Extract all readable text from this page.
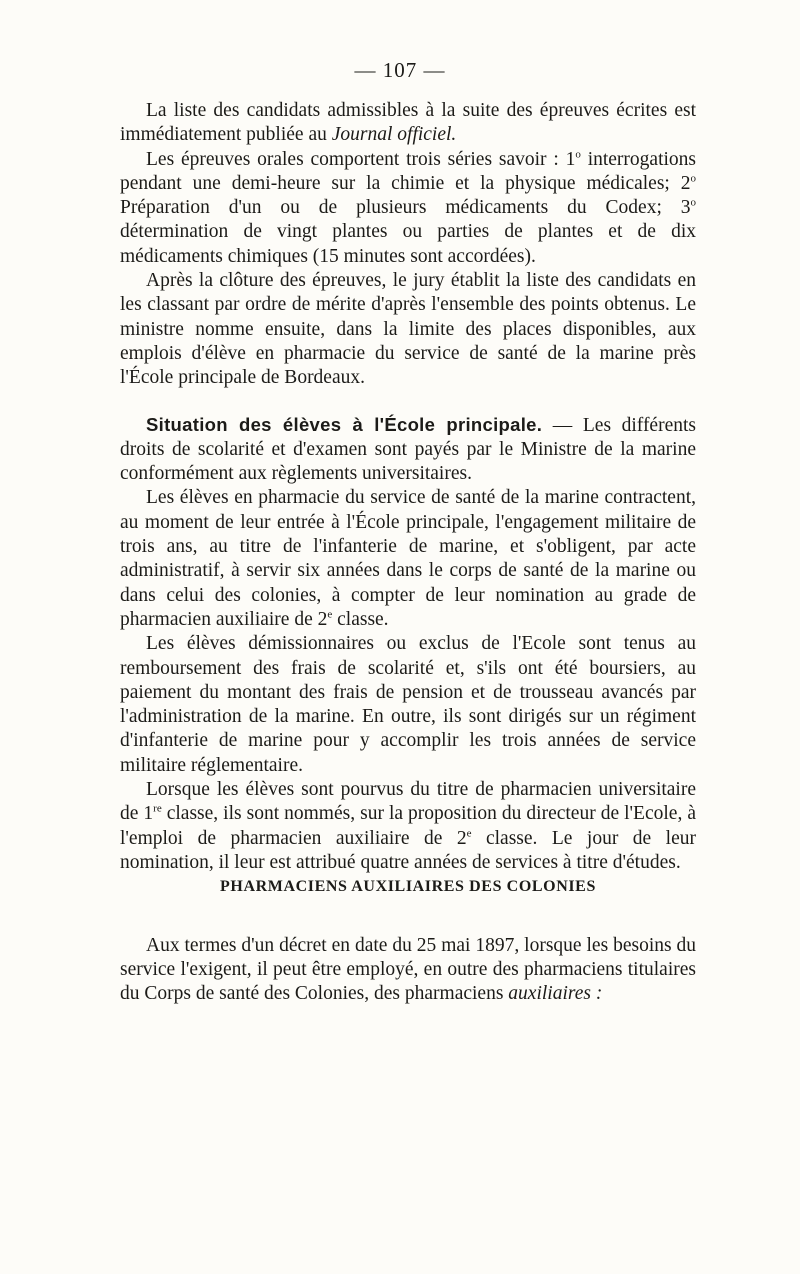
— 107 —

La liste des candidats admissibles à la suite des épreuves écrites est immédiatement publiée au Journal officiel.

Les épreuves orales comportent trois séries savoir : 1$^o$ interrogations pendant une demi-heure sur la chimie et la physique médicales; 2$^o$ Préparation d'un ou de plusieurs médicaments du Codex; 3$^o$ détermination de vingt plantes ou parties de plantes et de dix médicaments chimiques (15 minutes sont accordées).

Après la clôture des épreuves, le jury établit la liste des candidats en les classant par ordre de mérite d'après l'ensemble des points obtenus. Le ministre nomme ensuite, dans la limite des places disponibles, aux emplois d'élève en pharmacie du service de santé de la marine près l'École principale de Bordeaux.

Situation des élèves à l'École principale. — Les différents droits de scolarité et d'examen sont payés par le Ministre de la marine conformément aux règlements universitaires.

Les élèves en pharmacie du service de santé de la marine contractent, au moment de leur entrée à l'École principale, l'engagement militaire de trois ans, au titre de l'infanterie de marine, et s'obligent, par acte administratif, à servir six années dans le corps de santé de la marine ou dans celui des colonies, à compter de leur nomination au grade de pharmacien auxiliaire de 2e classe.

Les élèves démissionnaires ou exclus de l'Ecole sont tenus au remboursement des frais de scolarité et, s'ils ont été boursiers, au paiement du montant des frais de pension et de trousseau avancés par l'administration de la marine. En outre, ils sont dirigés sur un régiment d'infanterie de marine pour y accomplir les trois années de service militaire réglementaire.

Lorsque les élèves sont pourvus du titre de pharmacien universitaire de 1re classe, ils sont nommés, sur la proposition du directeur de l'Ecole, à l'emploi de pharmacien auxiliaire de 2e classe. Le jour de leur nomination, il leur est attribué quatre années de services à titre d'études.

PHARMACIENS AUXILIAIRES DES COLONIES

Aux termes d'un décret en date du 25 mai 1897, lorsque les besoins du service l'exigent, il peut être employé, en outre des pharmaciens titulaires du Corps de santé des Colonies, des pharmaciens auxiliaires :
